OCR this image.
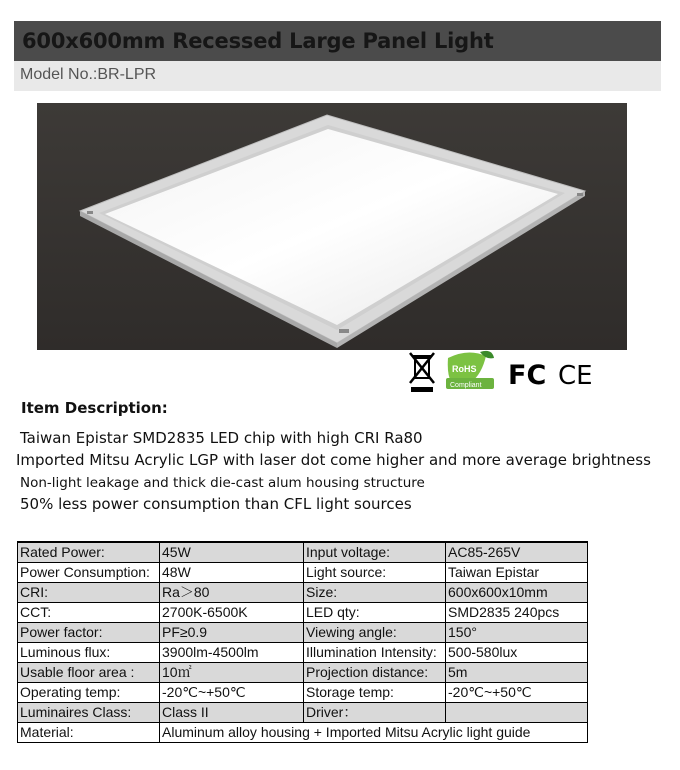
600x600mm Recessed Large Panel Light
Model No.:BR-LPR
RoHS
Compliant FC CE
Item Description:
Taiwan Epistar SMD2835 LED chip with high CRI Ra80
Imported Mitsu Acrylic LGP with laser dot come higher and more average brightness
Non-light leakage and thick die-cast alum housing structure
50% less power consumption than CFL light sources
Rated Power:	45W	Input voltage:	AC85-265V
Power Consumption:	48W	Light source:	Taiwan Epistar
CRI:	Ra＞80	Size:	600x600x10mm
CCT:	2700K-6500K	LED qty:	SMD2835 240pcs
Power factor:	PF≥0.9	Viewing angle:	150°
Luminous flux:	3900lm-4500lm	Illumination Intensity:	500-580lux
Usable floor area :	10㎡	Projection distance:	5m
Operating temp:	-20℃~+50℃	Storage temp:	-20℃~+50℃
Luminaires Class:	Class II	Driver：	
Material:	Aluminum alloy housing + Imported Mitsu Acrylic light guide		
